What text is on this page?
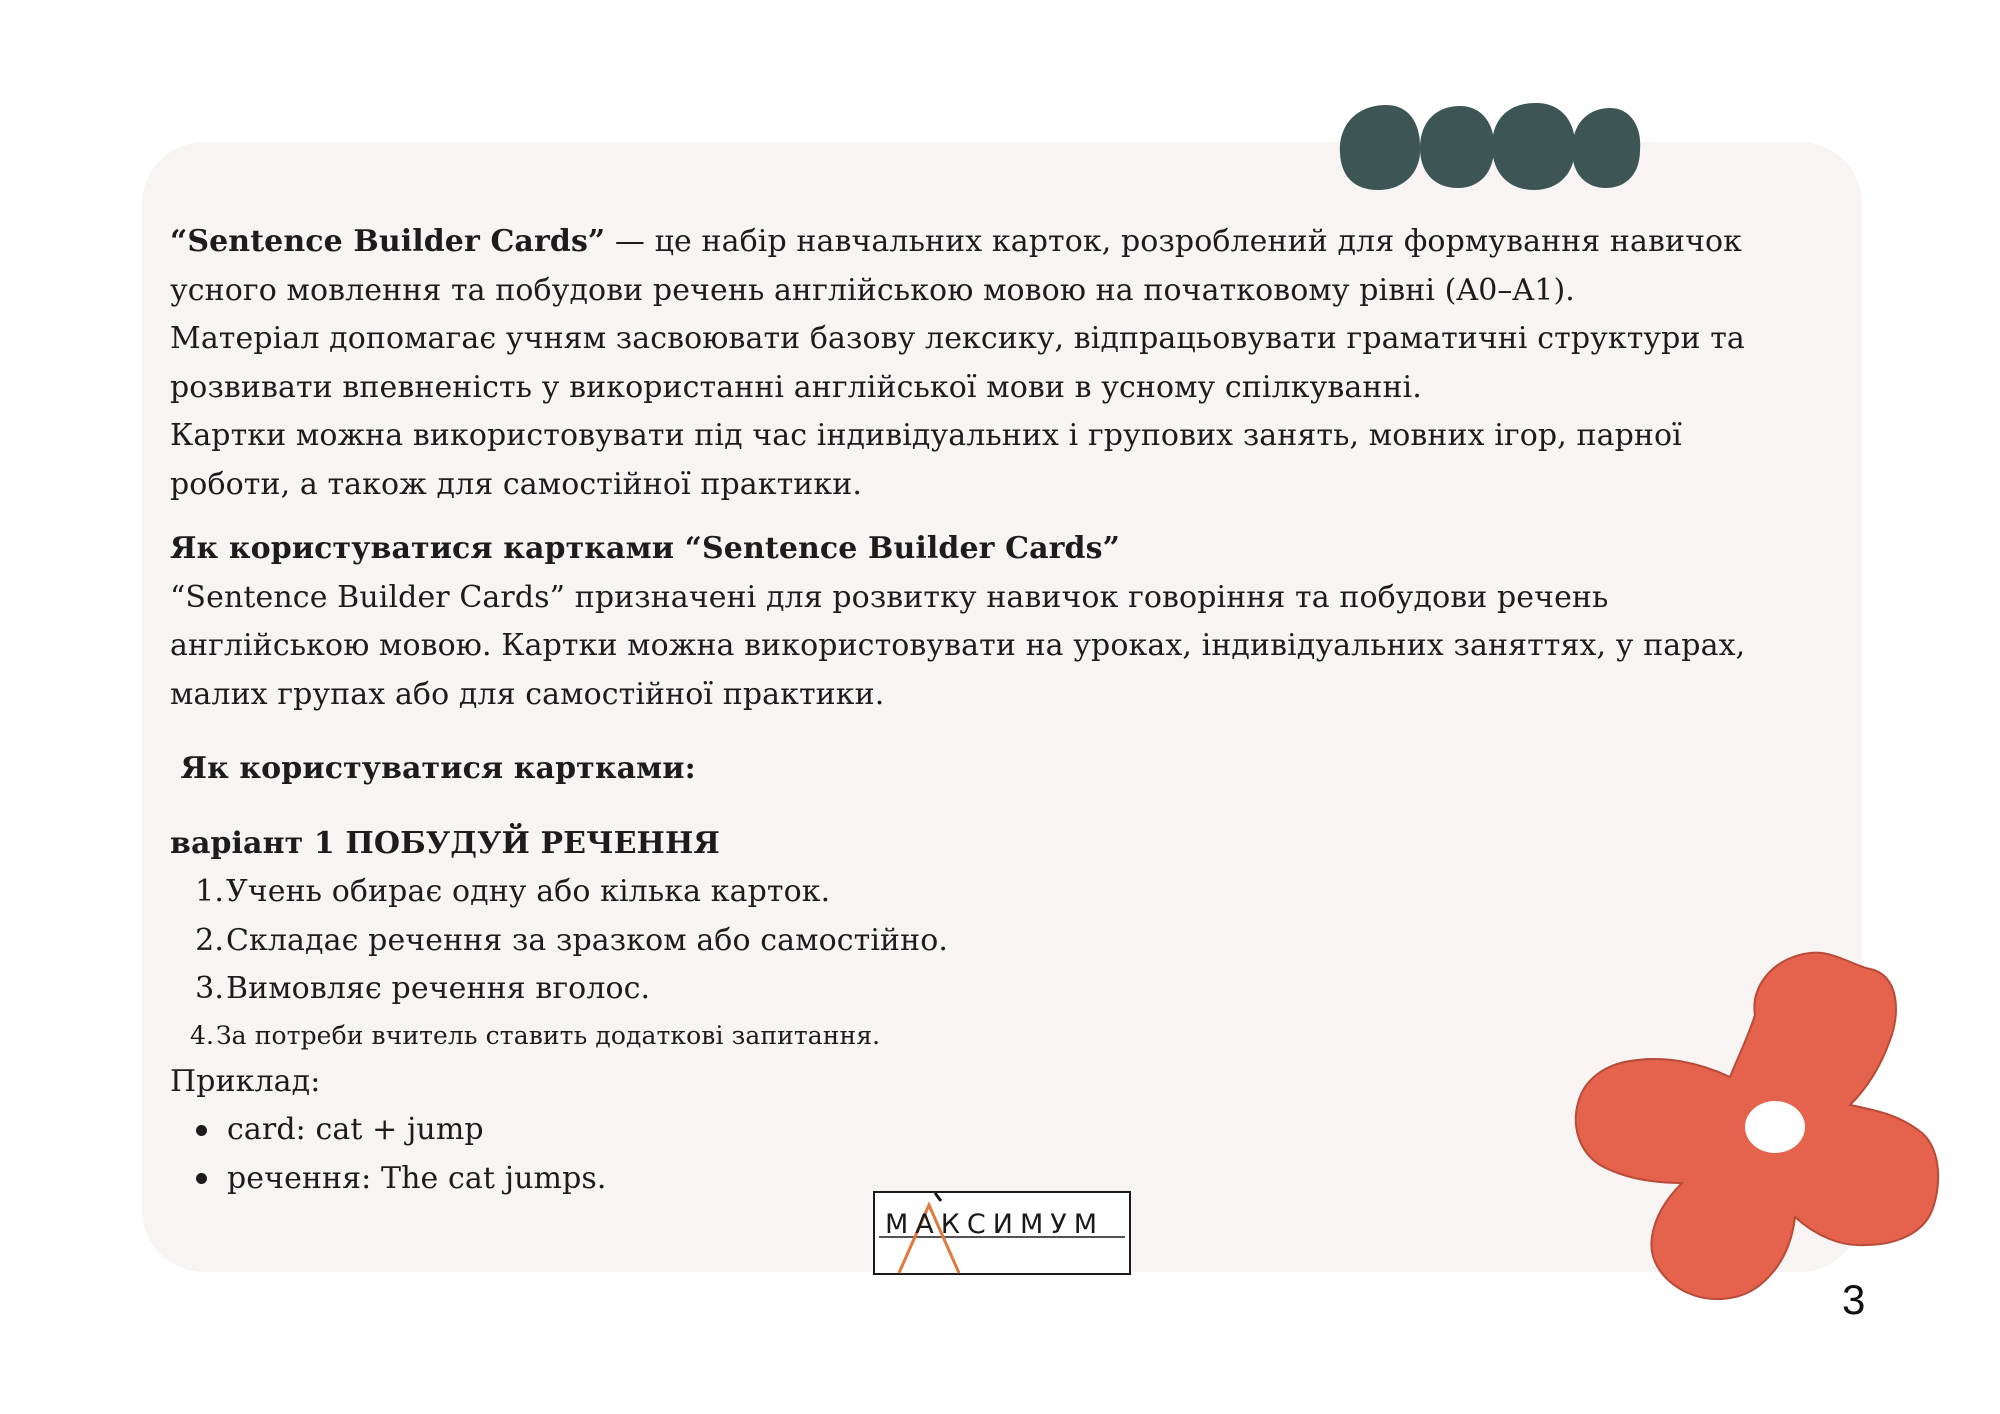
“Sentence Builder Cards” — це набір навчальних карток, розроблений для формування навичок

усного мовлення та побудови речень англійською мовою на початковому рівні (A0–A1).

Матеріал допомагає учням засвоювати базову лексику, відпрацьовувати граматичні структури та

розвивати впевненість у використанні англійської мови в усному спілкуванні.

Картки можна використовувати під час індивідуальних і групових занять, мовних ігор, парної

роботи, а також для самостійної практики.

Як користуватися картками “Sentence Builder Cards”

“Sentence Builder Cards” призначені для розвитку навичок говоріння та побудови речень

англійською мовою. Картки можна використовувати на уроках, індивідуальних заняттях, у парах,

малих групах або для самостійної практики.

Як користуватися картками:

варіант 1 ПОБУДУЙ РЕЧЕННЯ

1. Учень обирає одну або кілька карток.
2. Складає речення за зразком або самостійно.
3. Вимовляє речення вголос.
4. За потреби вчитель ставить додаткові запитання.

Приклад:

card: cat + jump
речення: The cat jumps.
МАКСИМУМ
3
